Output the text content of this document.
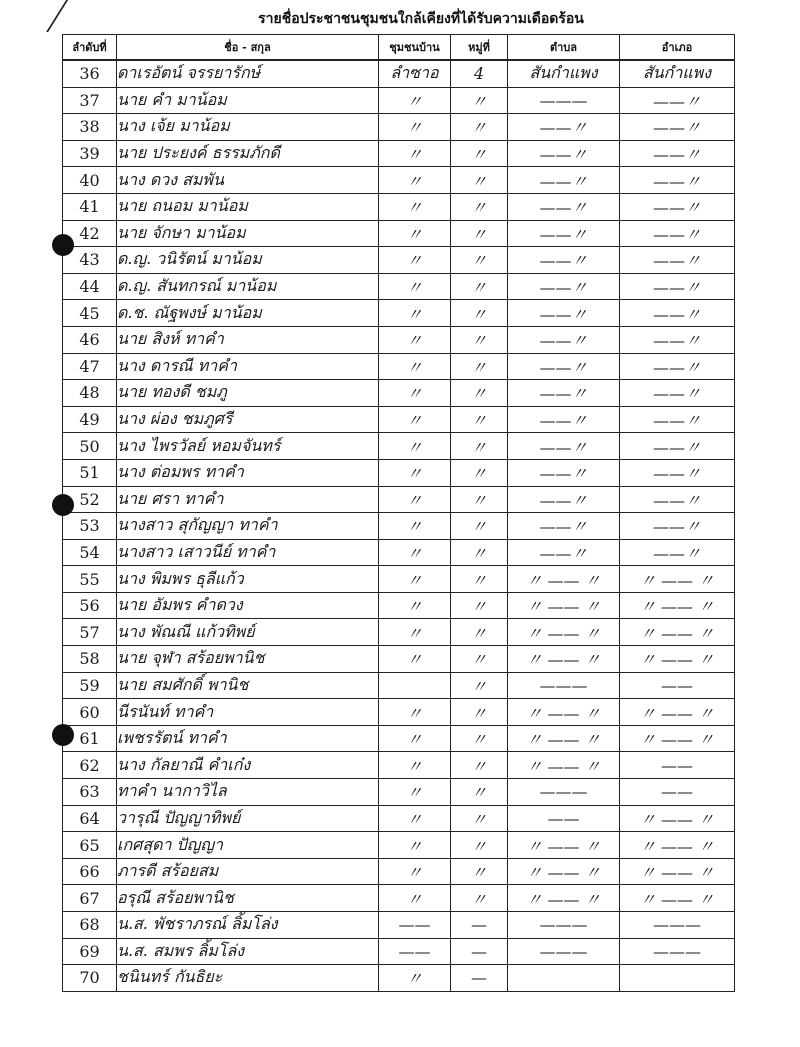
รายชื่อประชาชนชุมชนใกล้เคียงที่ได้รับความเดือดร้อน
ลำดับที่	ชื่อ - สกุล	ชุมชนบ้าน	หมู่ที่	ตำบล	อำเภอ
36	ดาเรอัตน์ จรรยารักษ์	ลำซาอ	4	สันกำแพง	สันกำแพง
37	นาย คำ มาน้อม	〃	〃	———	——〃
38	นาง เจ้ย มาน้อม	〃	〃	——〃	——〃
39	นาย ประยงค์ ธรรมภักดี	〃	〃	——〃	——〃
40	นาง ดวง สมพัน	〃	〃	——〃	——〃
41	นาย ถนอม มาน้อม	〃	〃	——〃	——〃
42	นาย จักษา มาน้อม	〃	〃	——〃	——〃
43	ด.ญ. วนิรัตน์ มาน้อม	〃	〃	——〃	——〃
44	ด.ญ. สันทกรณ์ มาน้อม	〃	〃	——〃	——〃
45	ด.ช. ณัฐพงษ์ มาน้อม	〃	〃	——〃	——〃
46	นาย สิงห์ ทาคำ	〃	〃	——〃	——〃
47	นาง ดารณี ทาคำ	〃	〃	——〃	——〃
48	นาย ทองดี ชมภู	〃	〃	——〃	——〃
49	นาง ผ่อง ชมภูศรี	〃	〃	——〃	——〃
50	นาง ไพรวัลย์ หอมจันทร์	〃	〃	——〃	——〃
51	นาง ต่อมพร ทาคำ	〃	〃	——〃	——〃
52	นาย ศรา ทาคำ	〃	〃	——〃	——〃
53	นางสาว สุกัญญา ทาคำ	〃	〃	——〃	——〃
54	นางสาว เสาวนีย์ ทาคำ	〃	〃	——〃	——〃
55	นาง พิมพร ธุลีแก้ว	〃	〃	〃 —— 〃	〃 —— 〃
56	นาย อัมพร คำดวง	〃	〃	〃 —— 〃	〃 —— 〃
57	นาง พัณณี แก้วทิพย์	〃	〃	〃 —— 〃	〃 —— 〃
58	นาย จุฬา สร้อยพานิช	〃	〃	〃 —— 〃	〃 —— 〃
59	นาย สมศักดิ์ พานิช		〃	———	——
60	นีรนันท์ ทาคำ	〃	〃	〃 —— 〃	〃 —— 〃
61	เพชรรัตน์ ทาคำ	〃	〃	〃 —— 〃	〃 —— 〃
62	นาง กัลยาณี คำเก๋ง	〃	〃	〃 —— 〃	——
63	ทาคำ นากาวิไล	〃	〃	———	——
64	วารุณี ปัญญาทิพย์	〃	〃	——	〃 —— 〃
65	เกศสุดา ปัญญา	〃	〃	〃 —— 〃	〃 —— 〃
66	ภารดี สร้อยสม	〃	〃	〃 —— 〃	〃 —— 〃
67	อรุณี สร้อยพานิช	〃	〃	〃 —— 〃	〃 —— 〃
68	น.ส. พัชราภรณ์ ลิ้มโล่ง	——	—	———	———
69	น.ส. สมพร ลิ้มโล่ง	——	—	———	———
70	ชนินทร์ กันธิยะ	〃	—		
